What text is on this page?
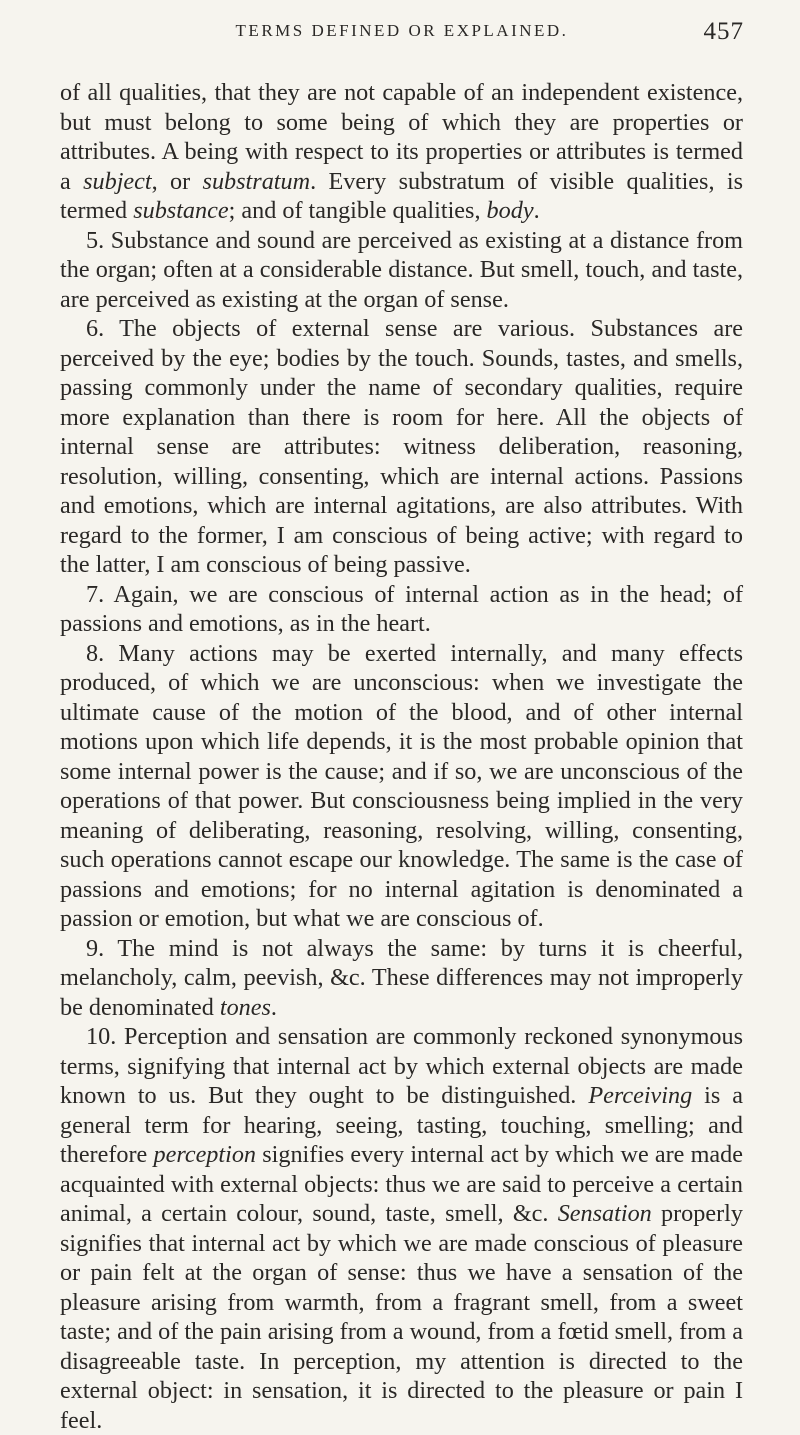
TERMS DEFINED OR EXPLAINED.	457

of all qualities, that they are not capable of an independent existence, but must belong to some being of which they are properties or attributes. A being with respect to its properties or attributes is termed a subject, or substratum. Every substratum of visible qualities, is termed substance; and of tangible qualities, body.

5. Substance and sound are perceived as existing at a distance from the organ; often at a considerable distance. But smell, touch, and taste, are perceived as existing at the organ of sense.

6. The objects of external sense are various. Substances are perceived by the eye; bodies by the touch. Sounds, tastes, and smells, passing commonly under the name of secondary qualities, require more explanation than there is room for here. All the objects of internal sense are attributes: witness deliberation, reasoning, resolution, willing, consenting, which are internal actions. Passions and emotions, which are internal agitations, are also attributes. With regard to the former, I am conscious of being active; with regard to the latter, I am conscious of being passive.

7. Again, we are conscious of internal action as in the head; of passions and emotions, as in the heart.

8. Many actions may be exerted internally, and many effects produced, of which we are unconscious: when we investigate the ultimate cause of the motion of the blood, and of other internal motions upon which life depends, it is the most probable opinion that some internal power is the cause; and if so, we are unconscious of the operations of that power. But consciousness being implied in the very meaning of deliberating, reasoning, resolving, willing, consenting, such operations cannot escape our knowledge. The same is the case of passions and emotions; for no internal agitation is denominated a passion or emotion, but what we are conscious of.

9. The mind is not always the same: by turns it is cheerful, melancholy, calm, peevish, &c. These differences may not improperly be denominated tones.

10. Perception and sensation are commonly reckoned synonymous terms, signifying that internal act by which external objects are made known to us. But they ought to be distinguished. Perceiving is a general term for hearing, seeing, tasting, touching, smelling; and therefore perception signifies every internal act by which we are made acquainted with external objects: thus we are said to perceive a certain animal, a certain colour, sound, taste, smell, &c. Sensation properly signifies that internal act by which we are made conscious of pleasure or pain felt at the organ of sense: thus we have a sensation of the pleasure arising from warmth, from a fragrant smell, from a sweet taste; and of the pain arising from a wound, from a fœtid smell, from a disagreeable taste. In perception, my attention is directed to the external object: in sensation, it is directed to the pleasure or pain I feel.
